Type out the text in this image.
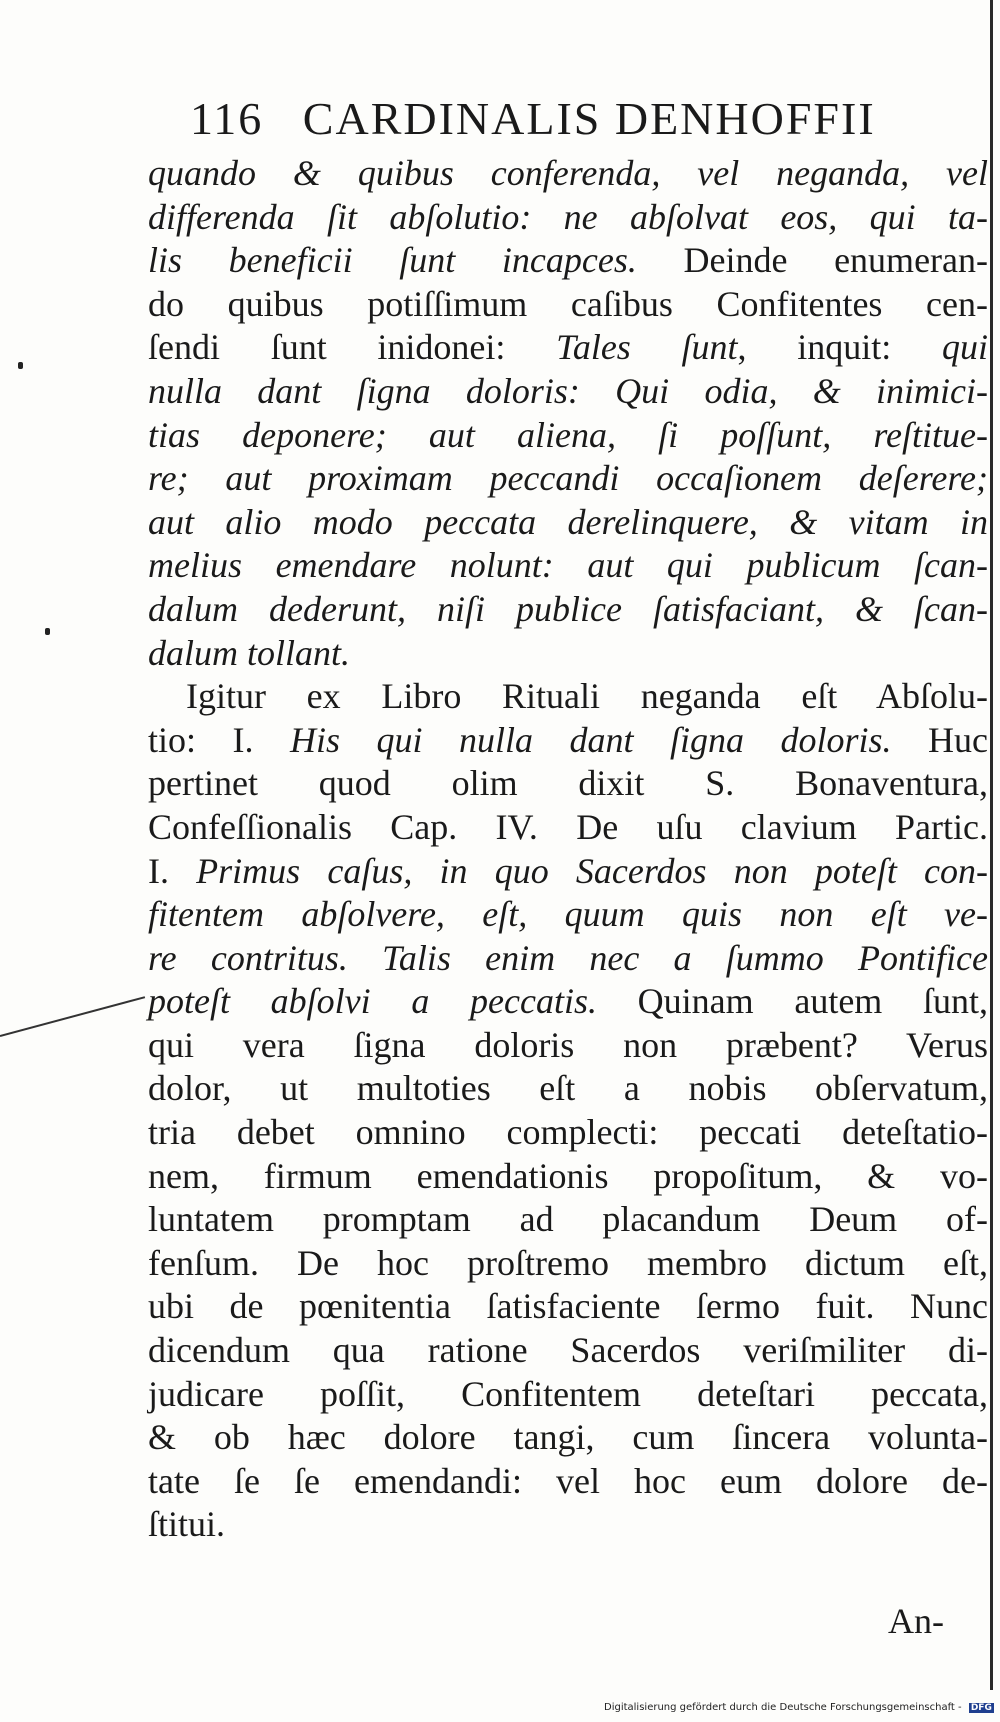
116 CARDINALIS DENHOFFII
quando & quibus conferenda, vel neganda, vel
differenda ſit abſolutio: ne abſolvat eos, qui ta-
lis beneficii ſunt incapces. Deinde enumeran-
do quibus potiſſimum caſibus Confitentes cen-
ſendi ſunt inidonei: Tales ſunt, inquit: qui
nulla dant ſigna doloris: Qui odia, & inimici-
tias deponere; aut aliena, ſi poſſunt, reſtitue-
re; aut proximam peccandi occaſionem deſerere;
aut alio modo peccata derelinquere, & vitam in
melius emendare nolunt: aut qui publicum ſcan-
dalum dederunt, niſi publice ſatisfaciant, & ſcan-
dalum tollant.
Igitur ex Libro Rituali neganda eſt Abſolu-
tio: I. His qui nulla dant ſigna doloris. Huc
pertinet quod olim dixit S. Bonaventura,
Confeſſionalis Cap. IV. De uſu clavium Partic.
I. Primus caſus, in quo Sacerdos non poteſt con-
fitentem abſolvere, eſt, quum quis non eſt ve-
re contritus. Talis enim nec a ſummo Pontifice
poteſt abſolvi a peccatis. Quinam autem ſunt,
qui vera ſigna doloris non præbent? Verus
dolor, ut multoties eſt a nobis obſervatum,
tria debet omnino complecti: peccati deteſtatio-
nem, firmum emendationis propoſitum, & vo-
luntatem promptam ad placandum Deum of-
fenſum. De hoc proſtremo membro dictum eſt,
ubi de pœnitentia ſatisfaciente ſermo fuit. Nunc
dicendum qua ratione Sacerdos veriſmiliter di-
judicare poſſit, Confitentem deteſtari peccata,
& ob hæc dolore tangi, cum ſincera volunta-
tate ſe ſe emendandi: vel hoc eum dolore de-
ſtitui.
An-
Digitalisierung gefördert durch die Deutsche Forschungsgemeinschaft - DFG
